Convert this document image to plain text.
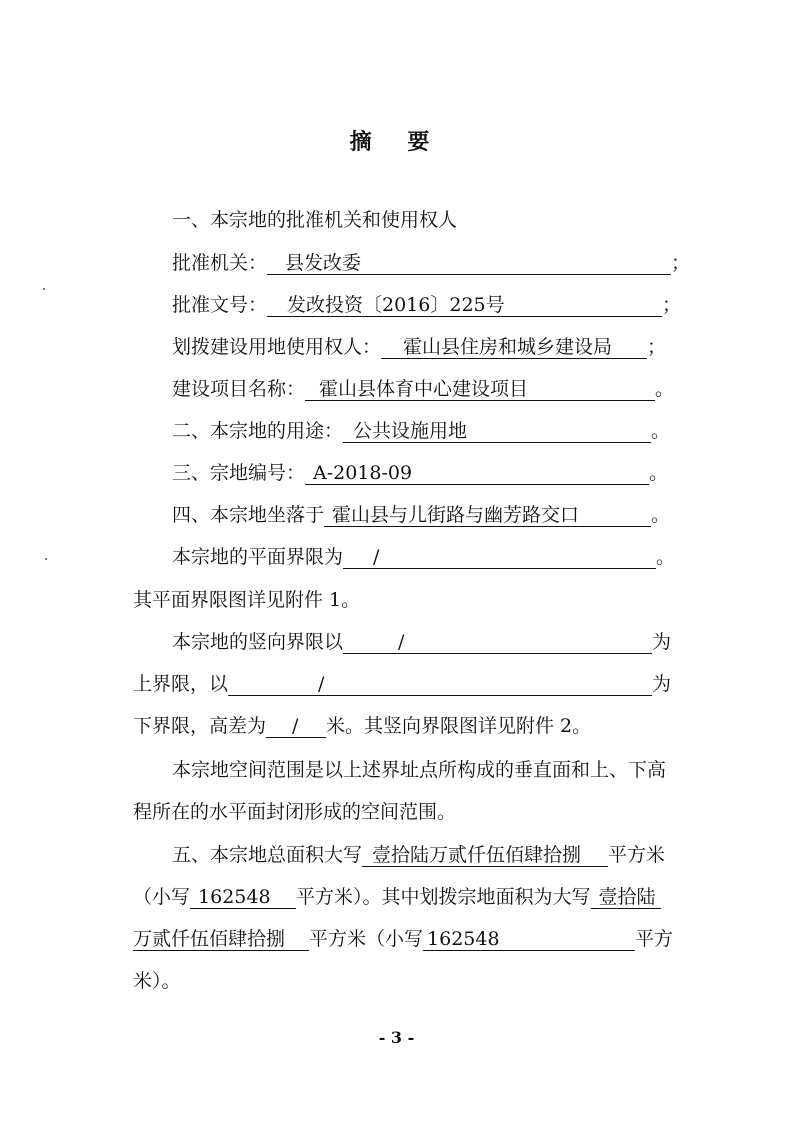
摘 要
一、本宗地的批准机关和使用权人
批准机关： 县发改委	；
批准文号： 发改投资〔2016〕225号	；
划拨建设用地使用权人： 霍山县住房和城乡建设局 ；
建设项目名称： 霍山县体育中心建设项目	。
二、本宗地的用途： 公共设施用地	。
三、宗地编号： A-2018-09	。
四、本宗地坐落于 霍山县与儿街路与幽芳路交口	。
本宗地的平面界限为 /	。
其平面界限图详见附件 1。
本宗地的竖向界限以	/	为
上界限，以	/	为
下界限，高差为 / 米。其竖向界限图详见附件 2。
本宗地空间范围是以上述界址点所构成的垂直面和上、下高
程所在的水平面封闭形成的空间范围。
五、本宗地总面积大写 壹拾陆万贰仟伍佰肆拾捌 平方米
（小写 162548 平方米）。其中划拨宗地面积为大写 壹拾陆
万贰仟伍佰肆拾捌 平方米（小写 162548	平方
米）。
- 3 -
